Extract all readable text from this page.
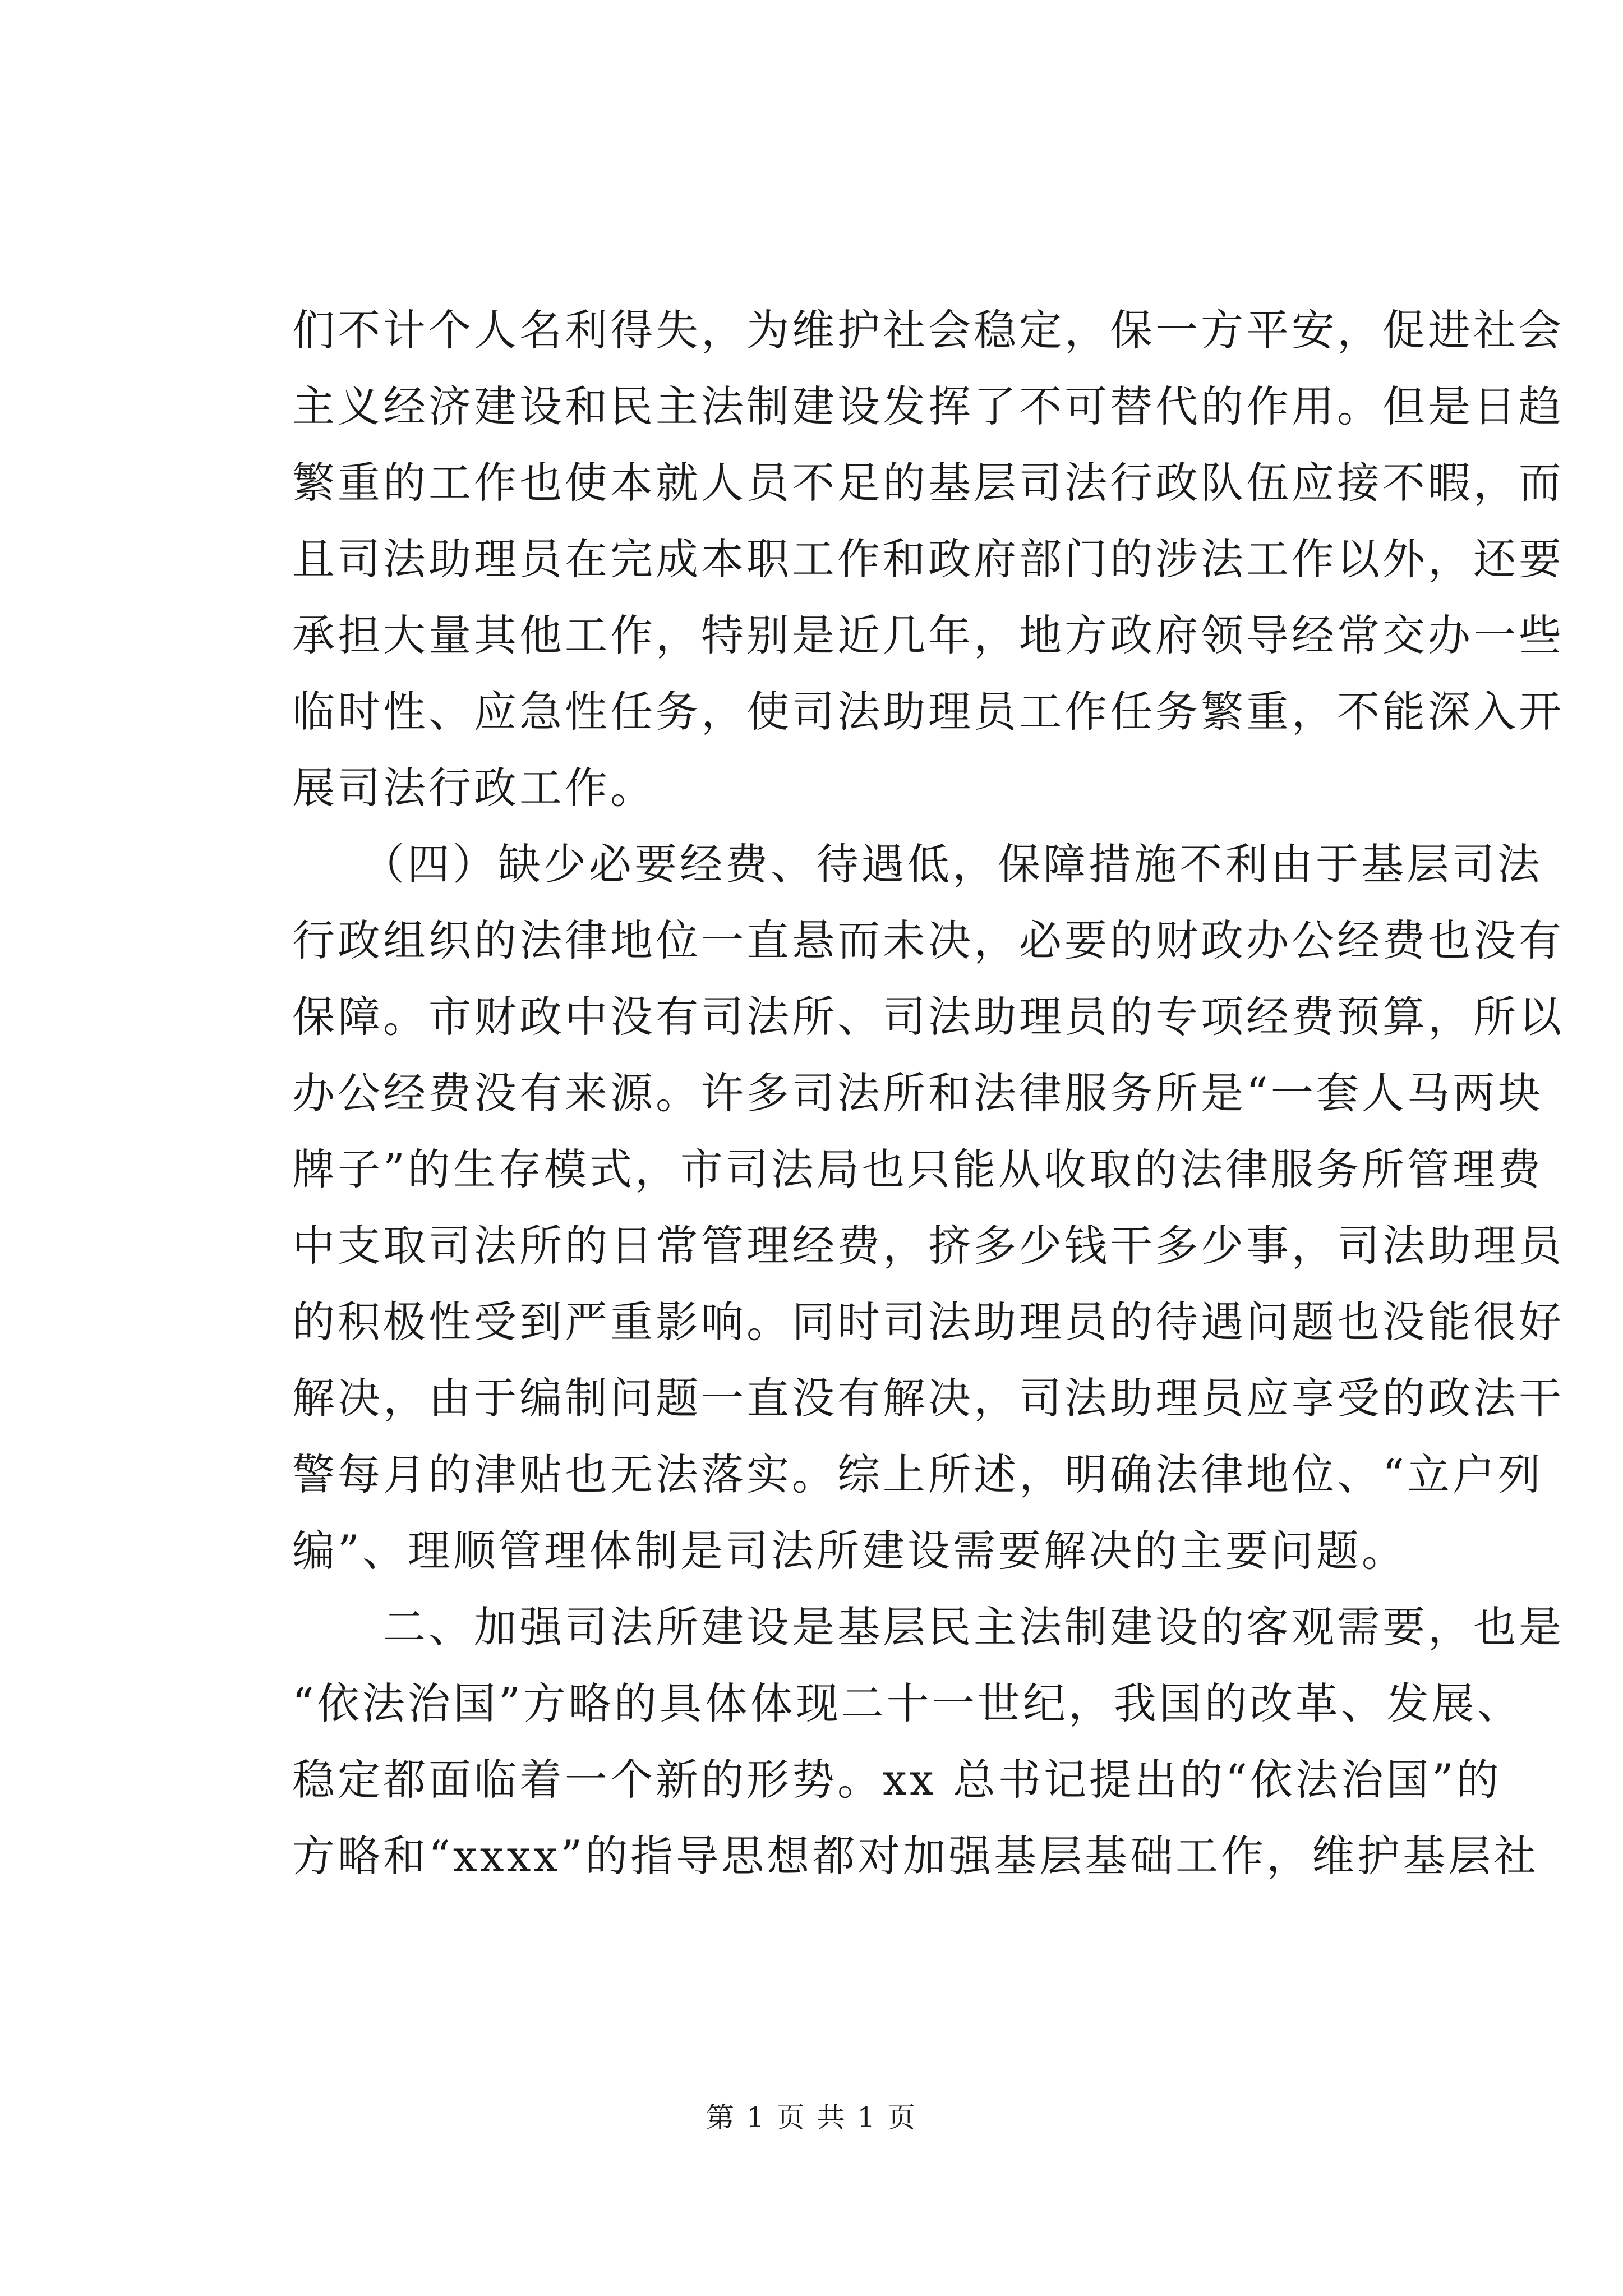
们不计个人名利得失，为维护社会稳定，保一方平安，促进社会
主义经济建设和民主法制建设发挥了不可替代的作用。但是日趋
繁重的工作也使本就人员不足的基层司法行政队伍应接不暇，而
且司法助理员在完成本职工作和政府部门的涉法工作以外，还要
承担大量其他工作，特别是近几年，地方政府领导经常交办一些
临时性、应急性任务，使司法助理员工作任务繁重，不能深入开
展司法行政工作。
　　（四）缺少必要经费、待遇低，保障措施不利由于基层司法
行政组织的法律地位一直悬而未决，必要的财政办公经费也没有
保障。市财政中没有司法所、司法助理员的专项经费预算，所以
办公经费没有来源。许多司法所和法律服务所是“一套人马两块
牌子”的生存模式，市司法局也只能从收取的法律服务所管理费
中支取司法所的日常管理经费，挤多少钱干多少事，司法助理员
的积极性受到严重影响。同时司法助理员的待遇问题也没能很好
解决，由于编制问题一直没有解决，司法助理员应享受的政法干
警每月的津贴也无法落实。综上所述，明确法律地位、“立户列
编”、理顺管理体制是司法所建设需要解决的主要问题。
　　二、加强司法所建设是基层民主法制建设的客观需要，也是
“依法治国”方略的具体体现二十一世纪，我国的改革、发展、
稳定都面临着一个新的形势。xx 总书记提出的“依法治国”的
方略和“xxxx”的指导思想都对加强基层基础工作，维护基层社
第 1 页 共 1 页
